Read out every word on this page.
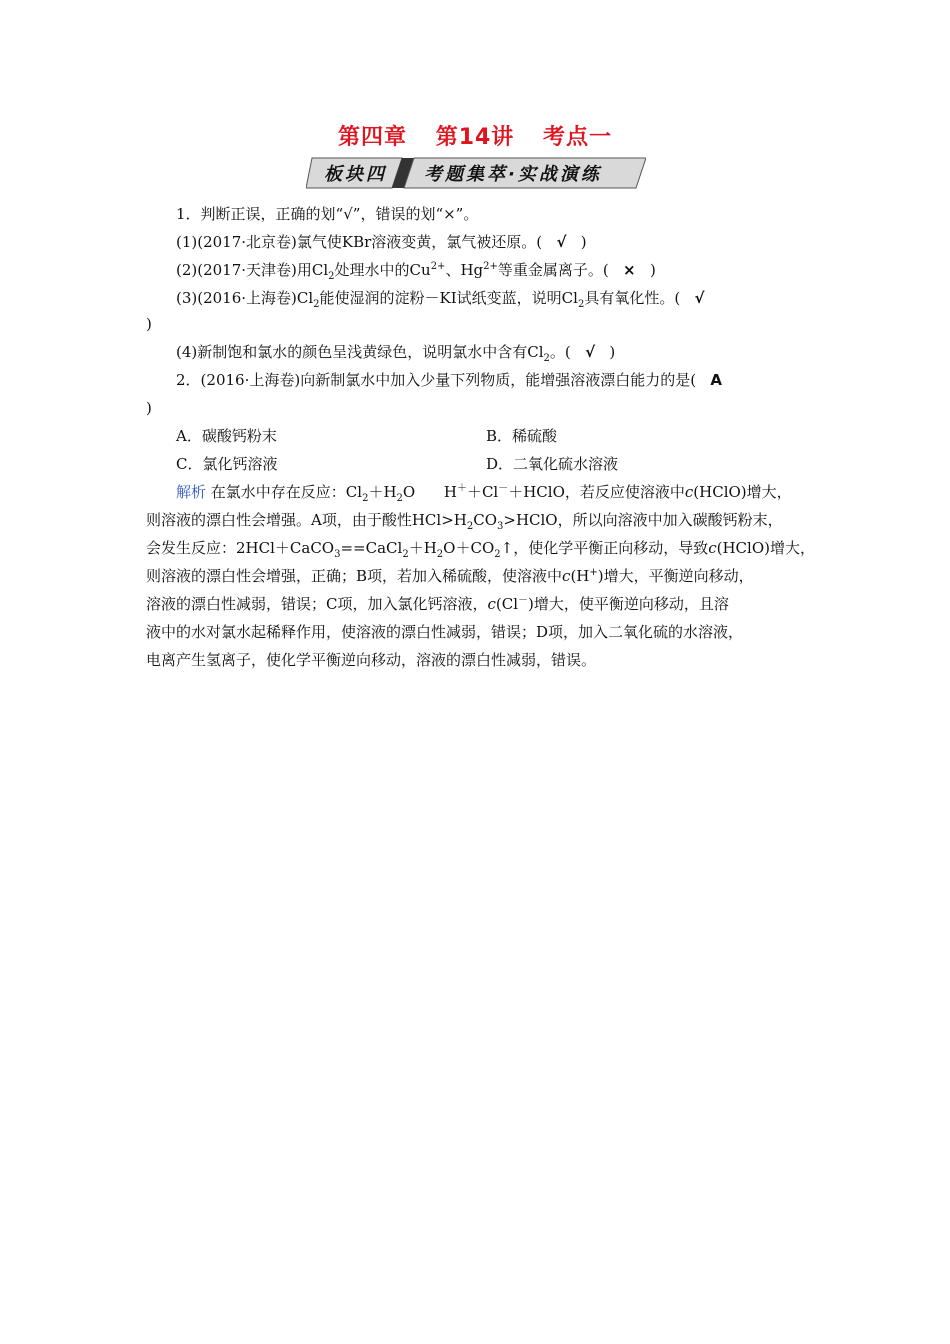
第四章 第14讲 考点一
板块四 考题集萃·实战演练
1．判断正误，正确的划“√”，错误的划“×”。
(1)(2017·北京卷)氯气使KBr溶液变黄，氯气被还原。( √ )
(2)(2017·天津卷)用$Cl_2$处理水中的$Cu^{2+}$、$Hg^{2+}$等重金属离子。( × )
(3)(2016·上海卷)$Cl_2$能使湿润的淀粉－KI试纸变蓝，说明$Cl_2$具有氧化性。( √
)
(4)新制饱和氯水的颜色呈浅黄绿色，说明氯水中含有$Cl_2$。( √ )
2．(2016·上海卷)向新制氯水中加入少量下列物质，能增强溶液漂白能力的是( A
)
A．碳酸钙粉末	B．稀硫酸
C．氯化钙溶液	D．二氧化硫水溶液
解析 在氯水中存在反应：$Cl_2+H_2O$ H＋＋Cl－＋HClO，若反应使溶液中c(HClO)增大，
则溶液的漂白性会增强。A项，由于酸性$HCl>H_2CO_3>HClO$，所以向溶液中加入碳酸钙粉末，
会发生反应：$2HCl+CaCO_3==CaCl_2+H_2O+CO_2↑$，使化学平衡正向移动，导致c(HClO)增大，
则溶液的漂白性会增强，正确；B项，若加入稀硫酸，使溶液中c(H+)增大，平衡逆向移动，
溶液的漂白性减弱，错误；C项，加入氯化钙溶液，c(Cl－)增大，使平衡逆向移动，且溶
液中的水对氯水起稀释作用，使溶液的漂白性减弱，错误；D项，加入二氧化硫的水溶液，
电离产生氢离子，使化学平衡逆向移动，溶液的漂白性减弱，错误。
